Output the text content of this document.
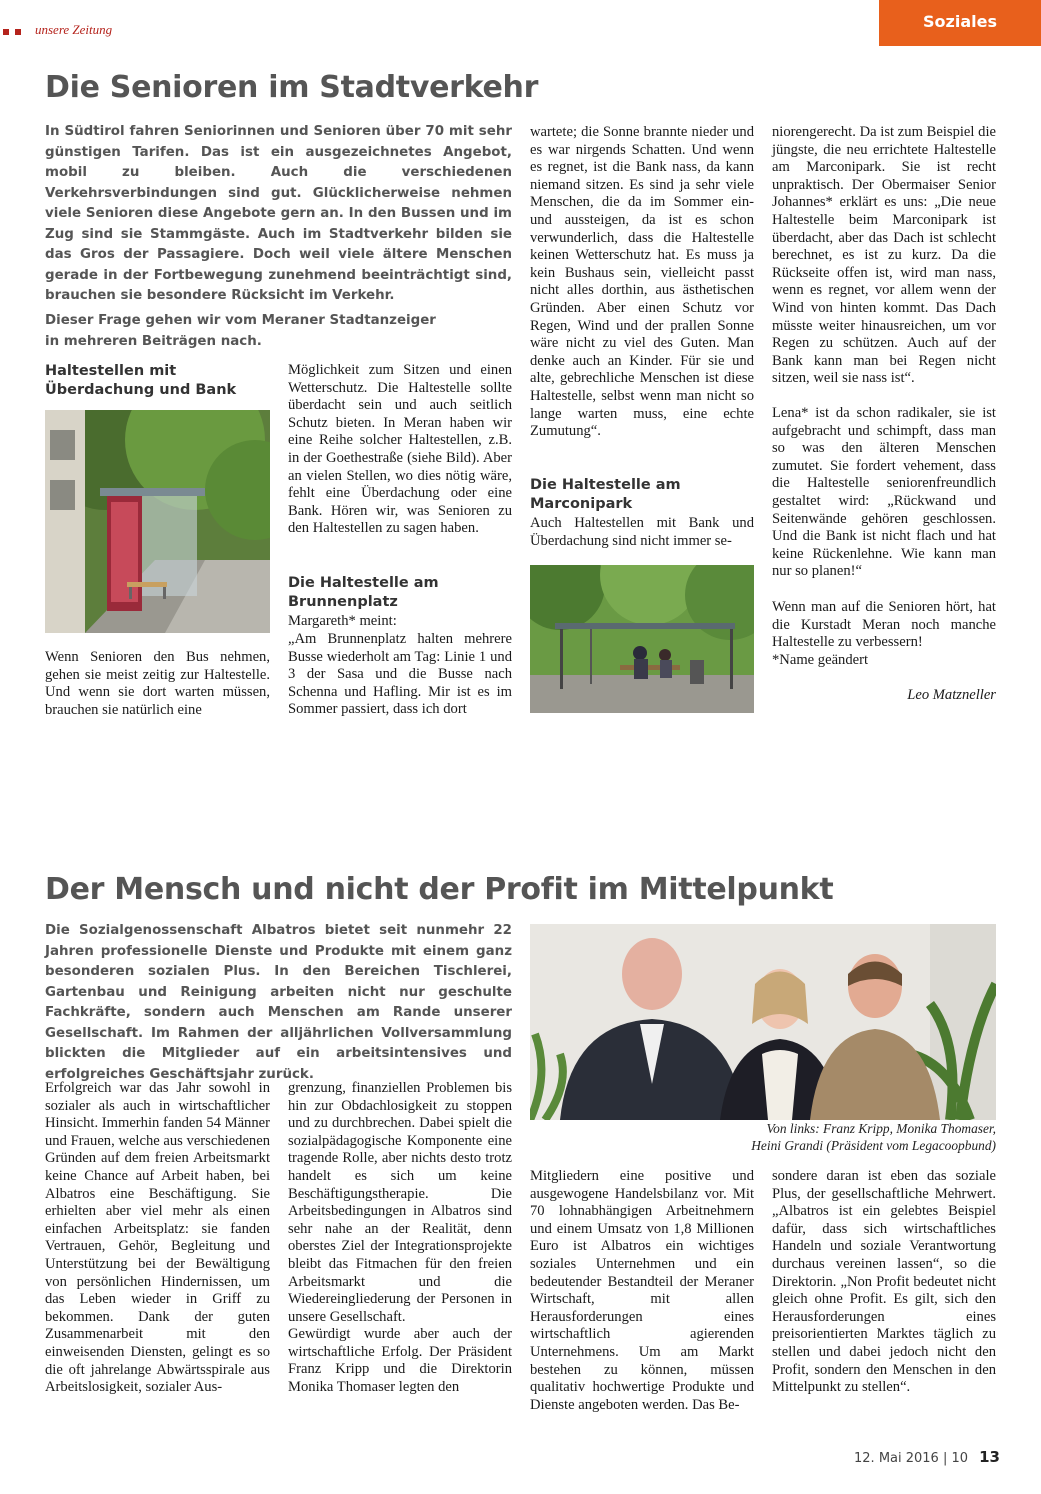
unsere Zeitung	Soziales
Die Senioren im Stadtverkehr
In Südtirol fahren Seniorinnen und Senioren über 70 mit sehr günstigen Tarifen. Das ist ein ausgezeichnetes Angebot, mobil zu bleiben. Auch die verschiedenen Verkehrsverbindungen sind gut. Glücklicherweise nehmen viele Senioren diese Angebote gern an. In den Bussen und im Zug sind sie Stammgäste. Auch im Stadtverkehr bilden sie das Gros der Passagiere. Doch weil viele ältere Menschen gerade in der Fortbewegung zunehmend beeinträchtigt sind, brauchen sie besondere Rücksicht im Verkehr.
Dieser Frage gehen wir vom Meraner Stadtanzeiger
in mehreren Beiträgen nach.
Haltestellen mit
Überdachung und Bank

Wenn Senioren den Bus nehmen, gehen sie meist zeitig zur Haltestelle. Und wenn sie dort warten müssen, brauchen sie natürlich eine

Möglichkeit zum Sitzen und einen Wetterschutz. Die Haltestelle sollte überdacht sein und auch seitlich Schutz bieten. In Meran haben wir eine Reihe solcher Haltestellen, z.B. in der Goethestraße (siehe Bild). Aber an vielen Stellen, wo dies nötig wäre, fehlt eine Überdachung oder eine Bank. Hören wir, was Senioren zu den Haltestellen zu sagen haben.

Die Haltestelle am
Brunnenplatz

Margareth* meint:

„Am Brunnenplatz halten mehrere Busse wiederholt am Tag: Linie 1 und 3 der Sasa und die Busse nach Schenna und Hafling. Mir ist es im Sommer passiert, dass ich dort

wartete; die Sonne brannte nieder und es war nirgends Schatten. Und wenn es regnet, ist die Bank nass, da kann niemand sitzen. Es sind ja sehr viele Menschen, die da im Sommer ein- und aussteigen, da ist es schon verwunderlich, dass die Haltestelle keinen Wetterschutz hat. Es muss ja kein Bushaus sein, vielleicht passt nicht alles dorthin, aus ästhetischen Gründen. Aber einen Schutz vor Regen, Wind und der prallen Sonne wäre nicht zu viel des Guten. Man denke auch an Kinder. Für sie und alte, gebrechliche Menschen ist diese Haltestelle, selbst wenn man nicht so lange warten muss, eine echte Zumutung“.

Die Haltestelle am
Marconipark

Auch Haltestellen mit Bank und Überdachung sind nicht immer se-

niorengerecht. Da ist zum Beispiel die jüngste, die neu errichtete Haltestelle am Marconipark. Sie ist recht unpraktisch. Der Obermaiser Senior Johannes* erklärt es uns: „Die neue Haltestelle beim Marconipark ist überdacht, aber das Dach ist schlecht berechnet, es ist zu kurz. Da die Rückseite offen ist, wird man nass, wenn es regnet, vor allem wenn der Wind von hinten kommt. Das Dach müsste weiter hinausreichen, um vor Regen zu schützen. Auch auf der Bank kann man bei Regen nicht sitzen, weil sie nass ist“.

Lena* ist da schon radikaler, sie ist aufgebracht und schimpft, dass man so was den älteren Menschen zumutet. Sie fordert vehement, dass die Haltestelle seniorenfreundlich gestaltet wird: „Rückwand und Seitenwände gehören geschlossen. Und die Bank ist nicht flach und hat keine Rückenlehne. Wie kann man nur so planen!“

Wenn man auf die Senioren hört, hat die Kurstadt Meran noch manche Haltestelle zu verbessern!

*Name geändert

Leo Matzneller

Der Mensch und nicht der Profit im Mittelpunkt
Die Sozialgenossenschaft Albatros bietet seit nunmehr 22 Jahren professionelle Dienste und Produkte mit einem ganz besonderen sozialen Plus. In den Bereichen Tischlerei, Gartenbau und Reinigung arbeiten nicht nur geschulte Fachkräfte, sondern auch Menschen am Rande unserer Gesellschaft. Im Rahmen der alljährlichen Vollversammlung blickten die Mitglieder auf ein arbeitsintensives und erfolgreiches Geschäftsjahr zurück.
Von links: Franz Kripp, Monika Thomaser,
Heini Grandi (Präsident vom Legacoopbund)

Erfolgreich war das Jahr sowohl in sozialer als auch in wirtschaftlicher Hinsicht. Immerhin fanden 54 Männer und Frauen, welche aus verschiedenen Gründen auf dem freien Arbeitsmarkt keine Chance auf Arbeit haben, bei Albatros eine Beschäftigung. Sie erhielten aber viel mehr als einen einfachen Arbeitsplatz: sie fanden Vertrauen, Gehör, Begleitung und Unterstützung bei der Bewältigung von persönlichen Hindernissen, um das Leben wieder in Griff zu bekommen. Dank der guten Zusammenarbeit mit den einweisenden Diensten, gelingt es so die oft jahrelange Abwärtsspirale aus Arbeitslosigkeit, sozialer Aus-

grenzung, finanziellen Problemen bis hin zur Obdachlosigkeit zu stoppen und zu durchbrechen. Dabei spielt die sozialpädagogische Komponente eine tragende Rolle, aber nichts desto trotz handelt es sich um keine Beschäftigungstherapie. Die Arbeitsbedingungen in Albatros sind sehr nahe an der Realität, denn oberstes Ziel der Integrationsprojekte bleibt das Fitmachen für den freien Arbeitsmarkt und die Wiedereingliederung der Personen in unsere Gesellschaft.

Gewürdigt wurde aber auch der wirtschaftliche Erfolg. Der Präsident Franz Kripp und die Direktorin Monika Thomaser legten den

Mitgliedern eine positive und ausgewogene Handelsbilanz vor. Mit 70 lohnabhängigen Arbeitnehmern und einem Umsatz von 1,8 Millionen Euro ist Albatros ein wichtiges soziales Unternehmen und ein bedeutender Bestandteil der Meraner Wirtschaft, mit allen Herausforderungen eines wirtschaftlich agierenden Unternehmens. Um am Markt bestehen zu können, müssen qualitativ hochwertige Produkte und Dienste angeboten werden. Das Be-

sondere daran ist eben das soziale Plus, der gesellschaftliche Mehrwert. „Albatros ist ein gelebtes Beispiel dafür, dass sich wirtschaftliches Handeln und soziale Verantwortung durchaus vereinen lassen“, so die Direktorin. „Non Profit bedeutet nicht gleich ohne Profit. Es gilt, sich den Herausforderungen eines preisorientierten Marktes täglich zu stellen und dabei jedoch nicht den Profit, sondern den Menschen in den Mittelpunkt zu stellen“.

12. Mai 2016 | 10 13
